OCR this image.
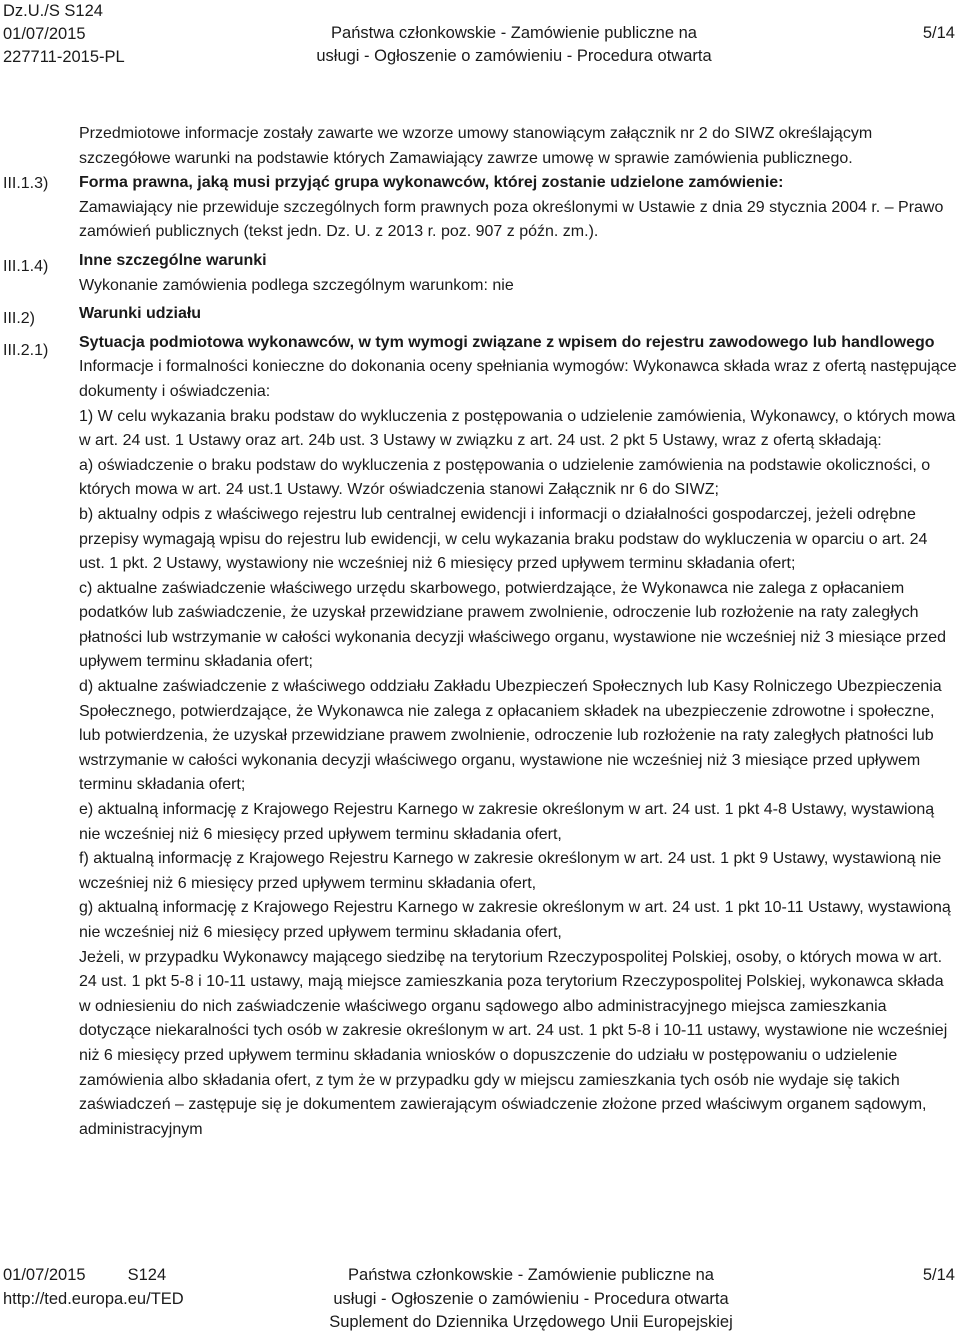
Dz.U./S S124
01/07/2015
227711-2015-PL
Państwa członkowskie - Zamówienie publiczne na
usługi - Ogłoszenie o zamówieniu - Procedura otwarta
5/14
III.1.3)
III.1.4)
III.2)
III.2.1)

Przedmiotowe informacje zostały zawarte we wzorze umowy stanowiącym załącznik nr 2 do SIWZ określającym szczegółowe warunki na podstawie których Zamawiający zawrze umowę w sprawie zamówienia publicznego.

Forma prawna, jaką musi przyjąć grupa wykonawców, której zostanie udzielone zamówienie:

Zamawiający nie przewiduje szczególnych form prawnych poza określonymi w Ustawie z dnia 29 stycznia 2004 r. – Prawo zamówień publicznych (tekst jedn. Dz. U. z 2013 r. poz. 907 z późn. zm.).

Inne szczególne warunki

Wykonanie zamówienia podlega szczególnym warunkom: nie

Warunki udziału

Sytuacja podmiotowa wykonawców, w tym wymogi związane z wpisem do rejestru zawodowego lub handlowego

Informacje i formalności konieczne do dokonania oceny spełniania wymogów: Wykonawca składa wraz z ofertą następujące dokumenty i oświadczenia:

1) W celu wykazania braku podstaw do wykluczenia z postępowania o udzielenie zamówienia, Wykonawcy, o których mowa w art. 24 ust. 1 Ustawy oraz art. 24b ust. 3 Ustawy w związku z art. 24 ust. 2 pkt 5 Ustawy, wraz z ofertą składają:

a) oświadczenie o braku podstaw do wykluczenia z postępowania o udzielenie zamówienia na podstawie okoliczności, o których mowa w art. 24 ust.1 Ustawy. Wzór oświadczenia stanowi Załącznik nr 6 do SIWZ;

b) aktualny odpis z właściwego rejestru lub centralnej ewidencji i informacji o działalności gospodarczej, jeżeli odrębne przepisy wymagają wpisu do rejestru lub ewidencji, w celu wykazania braku podstaw do wykluczenia w oparciu o art. 24 ust. 1 pkt. 2 Ustawy, wystawiony nie wcześniej niż 6 miesięcy przed upływem terminu składania ofert;

c) aktualne zaświadczenie właściwego urzędu skarbowego, potwierdzające, że Wykonawca nie zalega z opłacaniem podatków lub zaświadczenie, że uzyskał przewidziane prawem zwolnienie, odroczenie lub rozłożenie na raty zaległych płatności lub wstrzymanie w całości wykonania decyzji właściwego organu, wystawione nie wcześniej niż 3 miesiące przed upływem terminu składania ofert;

d) aktualne zaświadczenie z właściwego oddziału Zakładu Ubezpieczeń Społecznych lub Kasy Rolniczego Ubezpieczenia Społecznego, potwierdzające, że Wykonawca nie zalega z opłacaniem składek na ubezpieczenie zdrowotne i społeczne, lub potwierdzenia, że uzyskał przewidziane prawem zwolnienie, odroczenie lub rozłożenie na raty zaległych płatności lub wstrzymanie w całości wykonania decyzji właściwego organu, wystawione nie wcześniej niż 3 miesiące przed upływem terminu składania ofert;

e) aktualną informację z Krajowego Rejestru Karnego w zakresie określonym w art. 24 ust. 1 pkt 4-8 Ustawy, wystawioną nie wcześniej niż 6 miesięcy przed upływem terminu składania ofert,

f) aktualną informację z Krajowego Rejestru Karnego w zakresie określonym w art. 24 ust. 1 pkt 9 Ustawy, wystawioną nie wcześniej niż 6 miesięcy przed upływem terminu składania ofert,

g) aktualną informację z Krajowego Rejestru Karnego w zakresie określonym w art. 24 ust. 1 pkt 10-11 Ustawy, wystawioną nie wcześniej niż 6 miesięcy przed upływem terminu składania ofert,

Jeżeli, w przypadku Wykonawcy mającego siedzibę na terytorium Rzeczypospolitej Polskiej, osoby, o których mowa w art. 24 ust. 1 pkt 5-8 i 10-11 ustawy, mają miejsce zamieszkania poza terytorium Rzeczypospolitej Polskiej, wykonawca składa w odniesieniu do nich zaświadczenie właściwego organu sądowego albo administracyjnego miejsca zamieszkania dotyczące niekaralności tych osób w zakresie określonym w art. 24 ust. 1 pkt 5-8 i 10-11 ustawy, wystawione nie wcześniej niż 6 miesięcy przed upływem terminu składania wniosków o dopuszczenie do udziału w postępowaniu o udzielenie zamówienia albo składania ofert, z tym że w przypadku gdy w miejscu zamieszkania tych osób nie wydaje się takich zaświadczeń – zastępuje się je dokumentem zawierającym oświadczenie złożone przed właściwym organem sądowym, administracyjnym

01/07/2015	S124
http://ted.europa.eu/TED
Państwa członkowskie - Zamówienie publiczne na
usługi - Ogłoszenie o zamówieniu - Procedura otwarta
Suplement do Dziennika Urzędowego Unii Europejskiej
5/14
